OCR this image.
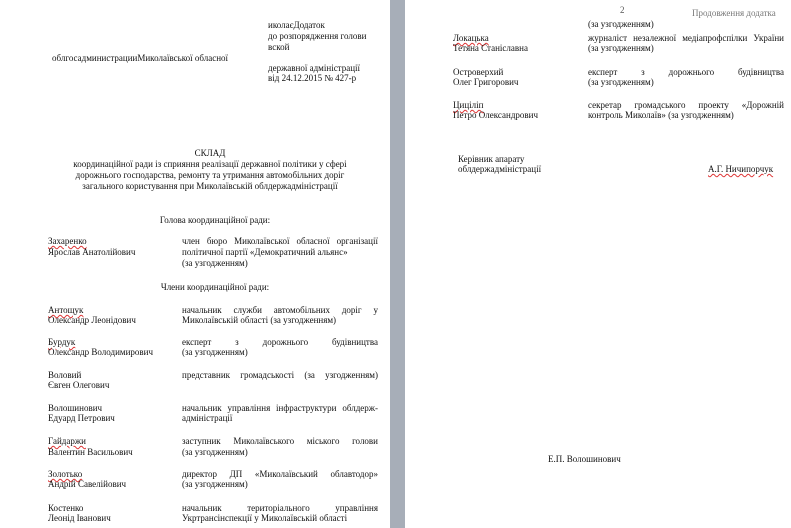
облгосадминистрацииМиколаївської обласної
иколаєДодаток
до розпорядження голови
вской
державної адміністрації
від 24.12.2015 № 427-р
СКЛАД
координаційної ради із сприяння реалізації державної політики у сфері
дорожнього господарства, ремонту та утримання автомобільних доріг
загального користування при Миколаївській облдержадміністрації
Голова координаційної ради:
Захаренко
Ярослав Анатолійович
член бюро Миколаївської обласної організації
політичної партії «Демократичний альянс»
(за узгодженням)
Члени координаційної ради:
Антощук
Олександр Леонідович
начальник служби автомобільних доріг у
Миколаївській області (за узгодженням)
Бурдук
Олександр Володимирович
експерт з дорожнього будівництва
(за узгодженням)
Воловий
Євген Олегович
представник громадськості (за узгодженням)
Волошинович
Едуард Петрович
начальник управління інфраструктури облдерж-
адміністрації
Гайдаржи
Валентин Васильович
заступник Миколаївського міського голови
(за узгодженням)
Золотько
Андрій Савелійович
директор ДП «Миколаївський облавтодор»
(за узгодженням)
Костенко
Леонід Іванович
начальник територіального управління
Укртрансінспекції у Миколаївській області
2	Продовження додатка
(за узгодженням)
Локацька
Тетяна Станіславна
журналіст незалежної медіапрофспілки України
(за узгодженням)
Островерхий
Олег Григорович
експерт з дорожнього будівництва
(за узгодженням)
Циціліп
Петро Олександрович
секретар громадського проекту «Дорожній
контроль Миколаїв» (за узгодженням)
Керівник апарату
облдержадміністрації	А.Г. Ничипорчук
Е.П. Волошинович
